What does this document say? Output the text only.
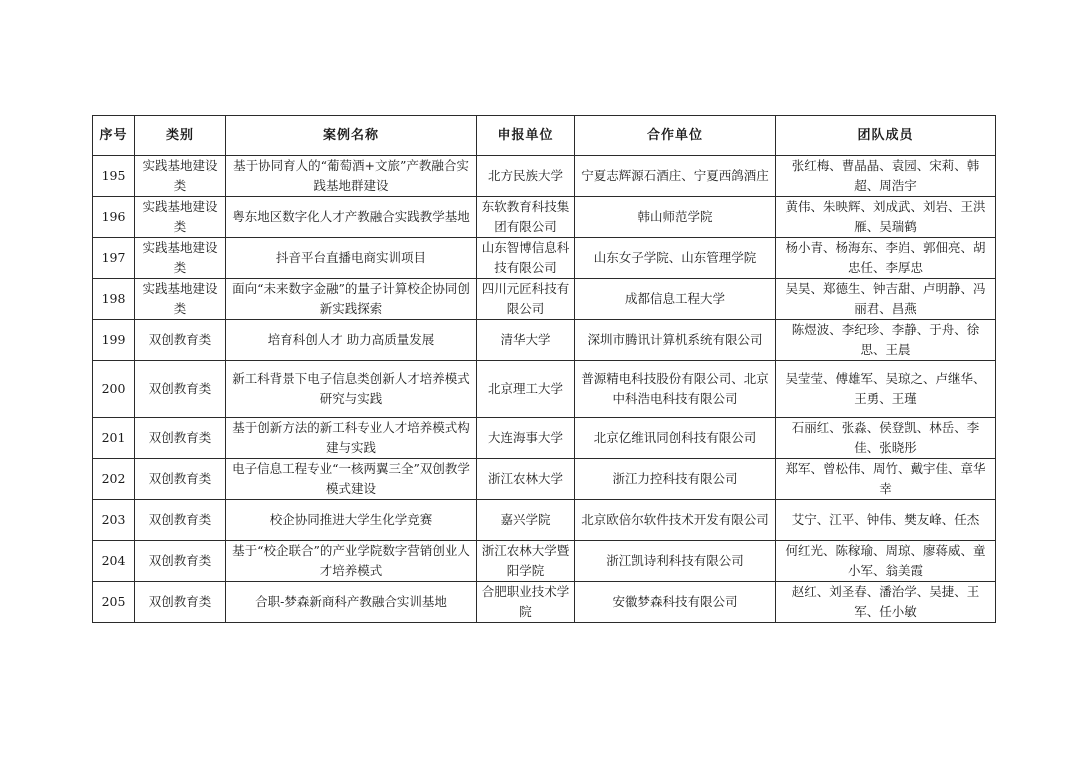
序号	类别	案例名称	申报单位	合作单位	团队成员
195	实践基地建设类	基于协同育人的“葡萄酒+文旅”产教融合实践基地群建设	北方民族大学	宁夏志辉源石酒庄、宁夏西鸽酒庄	张红梅、曹晶晶、袁园、宋莉、韩超、周浩宇
196	实践基地建设类	粤东地区数字化人才产教融合实践教学基地	东软教育科技集团有限公司	韩山师范学院	黄伟、朱映辉、刘成武、刘岩、王洪雁、吴瑞鹤
197	实践基地建设类	抖音平台直播电商实训项目	山东智博信息科技有限公司	山东女子学院、山东管理学院	杨小青、杨海东、李岿、郭佃亮、胡忠任、李厚忠
198	实践基地建设类	面向“未来数字金融”的量子计算校企协同创新实践探索	四川元匠科技有限公司	成都信息工程大学	吴昊、郑德生、钟吉甜、卢明静、冯丽君、昌燕
199	双创教育类	培育科创人才 助力高质量发展	清华大学	深圳市腾讯计算机系统有限公司	陈煜波、李纪珍、李静、于舟、徐思、王晨
200	双创教育类	新工科背景下电子信息类创新人才培养模式研究与实践	北京理工大学	普源精电科技股份有限公司、北京中科浩电科技有限公司	吴莹莹、傅雄军、吴琼之、卢继华、王勇、王瑾
201	双创教育类	基于创新方法的新工科专业人才培养模式构建与实践	大连海事大学	北京亿维讯同创科技有限公司	石丽红、张淼、侯登凯、林岳、李佳、张晓彤
202	双创教育类	电子信息工程专业“一核两翼三全”双创教学模式建设	浙江农林大学	浙江力控科技有限公司	郑军、曾松伟、周竹、戴宇佳、章华幸
203	双创教育类	校企协同推进大学生化学竞赛	嘉兴学院	北京欧倍尔软件技术开发有限公司	艾宁、江平、钟伟、樊友峰、任杰
204	双创教育类	基于“校企联合”的产业学院数字营销创业人才培养模式	浙江农林大学暨阳学院	浙江凯诗利科技有限公司	何红光、陈稼瑜、周琼、廖蒋威、童小军、翁美霞
205	双创教育类	合职-梦森新商科产教融合实训基地	合肥职业技术学院	安徽梦森科技有限公司	赵红、刘圣春、潘治学、吴捷、王军、任小敏
